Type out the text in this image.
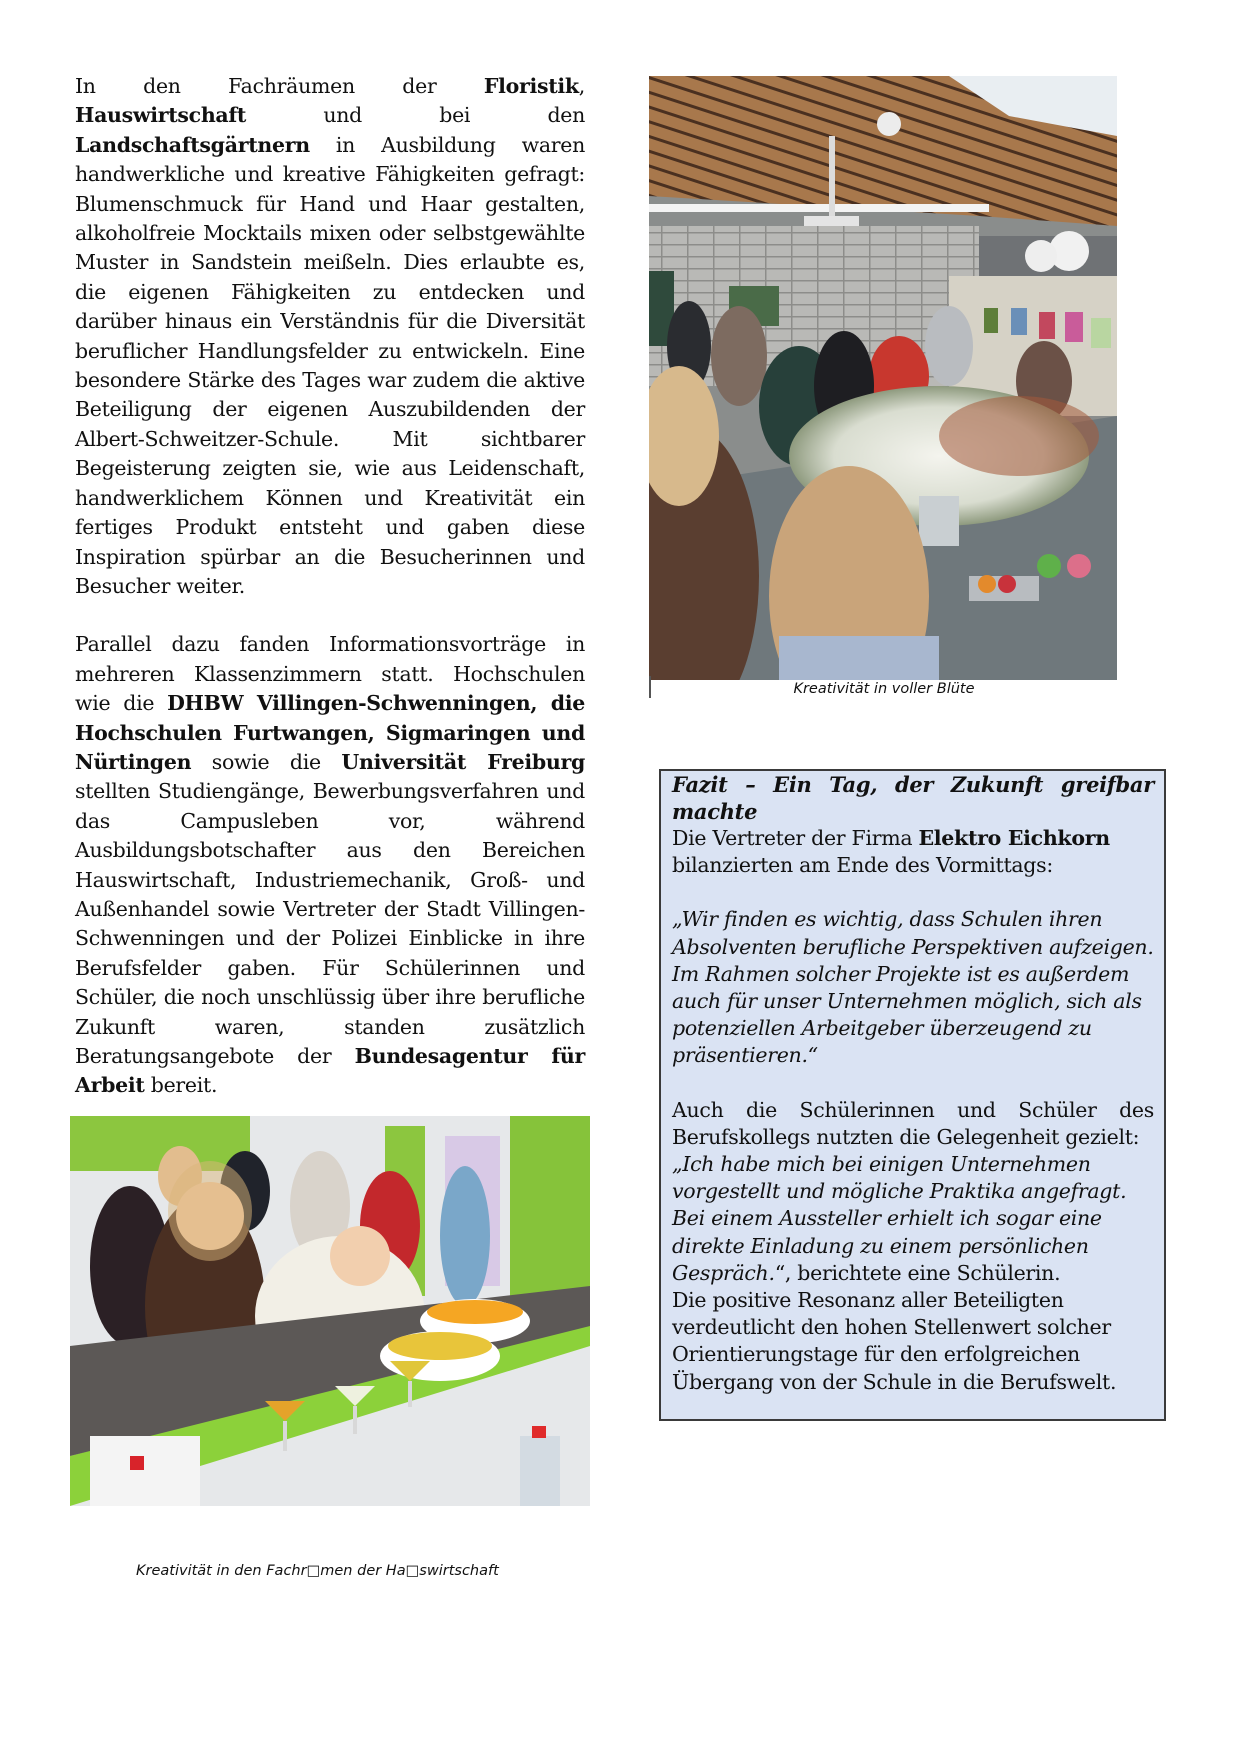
In den Fachräumen der Floristik, Hauswirtschaft und bei den Landschaftsgärtnern in Ausbildung waren handwerkliche und kreative Fähigkeiten gefragt: Blumenschmuck für Hand und Haar gestalten, alkoholfreie Mocktails mixen oder selbstgewählte Muster in Sandstein meißeln. Dies erlaubte es, die eigenen Fähigkeiten zu entdecken und darüber hinaus ein Verständnis für die Diversität beruflicher Handlungsfelder zu entwickeln. Eine besondere Stärke des Tages war zudem die aktive Beteiligung der eigenen Auszubildenden der Albert-Schweitzer-Schule. Mit sichtbarer Begeisterung zeigten sie, wie aus Leidenschaft, handwerklichem Können und Kreativität ein fertiges Produkt entsteht und gaben diese Inspiration spürbar an die Besucherinnen und Besucher weiter.

Parallel dazu fanden Informationsvorträge in mehreren Klassenzimmern statt. Hochschulen wie die DHBW Villingen-Schwenningen, die Hochschulen Furtwangen, Sigmaringen und Nürtingen sowie die Universität Freiburg stellten Studiengänge, Bewerbungsverfahren und das Campusleben vor, während Ausbildungsbotschafter aus den Bereichen Hauswirtschaft, Industriemechanik, Groß- und Außenhandel sowie Vertreter der Stadt Villingen-Schwenningen und der Polizei Einblicke in ihre Berufsfelder gaben. Für Schülerinnen und Schüler, die noch unschlüssig über ihre berufliche Zukunft waren, standen zusätzlich Beratungsangebote der Bundesagentur für Arbeit bereit.

Kreativität in voller Blüte
Kreativität in den Fachr□men der Ha□swirtschaft

Fazit – Ein Tag, der Zukunft greifbar machte

Die Vertreter der Firma Elektro Eichkorn bilanzierten am Ende des Vormittags:

„Wir finden es wichtig, dass Schulen ihren Absolventen berufliche Perspektiven aufzeigen. Im Rahmen solcher Projekte ist es außerdem auch für unser Unternehmen möglich, sich als potenziellen Arbeitgeber überzeugend zu präsentieren.“

Auch die Schülerinnen und Schüler des Berufskollegs nutzten die Gelegenheit gezielt:

„Ich habe mich bei einigen Unternehmen vorgestellt und mögliche Praktika angefragt. Bei einem Aussteller erhielt ich sogar eine direkte Einladung zu einem persönlichen Gespräch.“, berichtete eine Schülerin.

Die positive Resonanz aller Beteiligten verdeutlicht den hohen Stellenwert solcher Orientierungstage für den erfolgreichen Übergang von der Schule in die Berufswelt.
